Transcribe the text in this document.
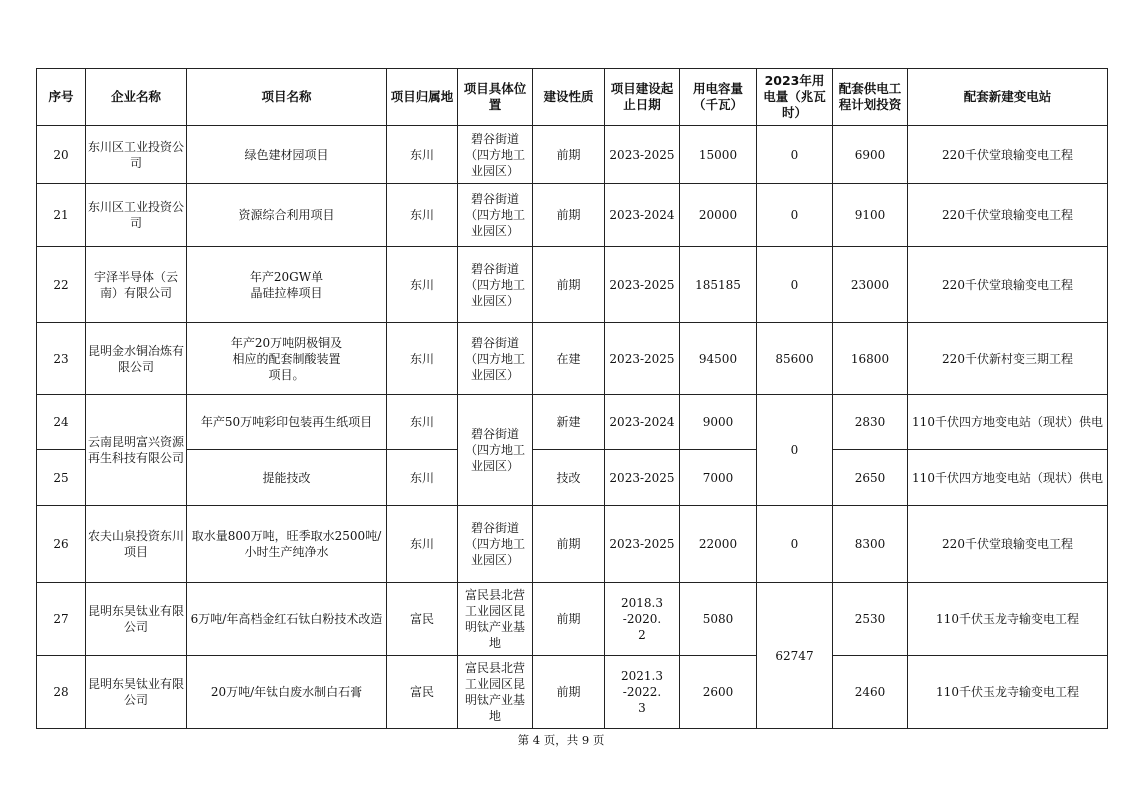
序号	企业名称	项目名称	项目归属地	项目具体位置	建设性质	项目建设起止日期	用电容量（千瓦）	2023年用电量（兆瓦时）	配套供电工程计划投资	配套新建变电站
20	东川区工业投资公司	绿色建材园项目	东川	碧谷街道（四方地工业园区）	前期	2023-2025	15000	0	6900	220千伏堂琅输变电工程
21	东川区工业投资公司	资源综合利用项目	东川	碧谷街道（四方地工业园区）	前期	2023-2024	20000	0	9100	220千伏堂琅输变电工程
22	宇泽半导体（云南）有限公司	年产20GW单晶硅拉棒项目	东川	碧谷街道（四方地工业园区）	前期	2023-2025	185185	0	23000	220千伏堂琅输变电工程
23	昆明金水铜冶炼有限公司	年产20万吨阴极铜及相应的配套制酸装置项目。	东川	碧谷街道（四方地工业园区）	在建	2023-2025	94500	85600	16800	220千伏新村变三期工程
24	云南昆明富兴资源再生科技有限公司	年产50万吨彩印包装再生纸项目	东川	碧谷街道（四方地工业园区）	新建	2023-2024	9000	0	2830	110千伏四方地变电站（现状）供电
25		提能技改	东川		技改	2023-2025	7000		2650	110千伏四方地变电站（现状）供电
26	农夫山泉投资东川项目	取水量800万吨，旺季取水2500吨/小时生产纯净水	东川	碧谷街道（四方地工业园区）	前期	2023-2025	22000	0	8300	220千伏堂琅输变电工程
27	昆明东昊钛业有限公司	6万吨/年高档金红石钛白粉技术改造	富民	富民县北营工业园区昆明钛产业基地	前期	2018.3-2020.2	5080	62747	2530	110千伏玉龙寺输变电工程
28	昆明东昊钛业有限公司	20万吨/年钛白废水制白石膏	富民	富民县北营工业园区昆明钛产业基地	前期	2021.3-2022.3	2600		2460	110千伏玉龙寺输变电工程
第 4 页，共 9 页
